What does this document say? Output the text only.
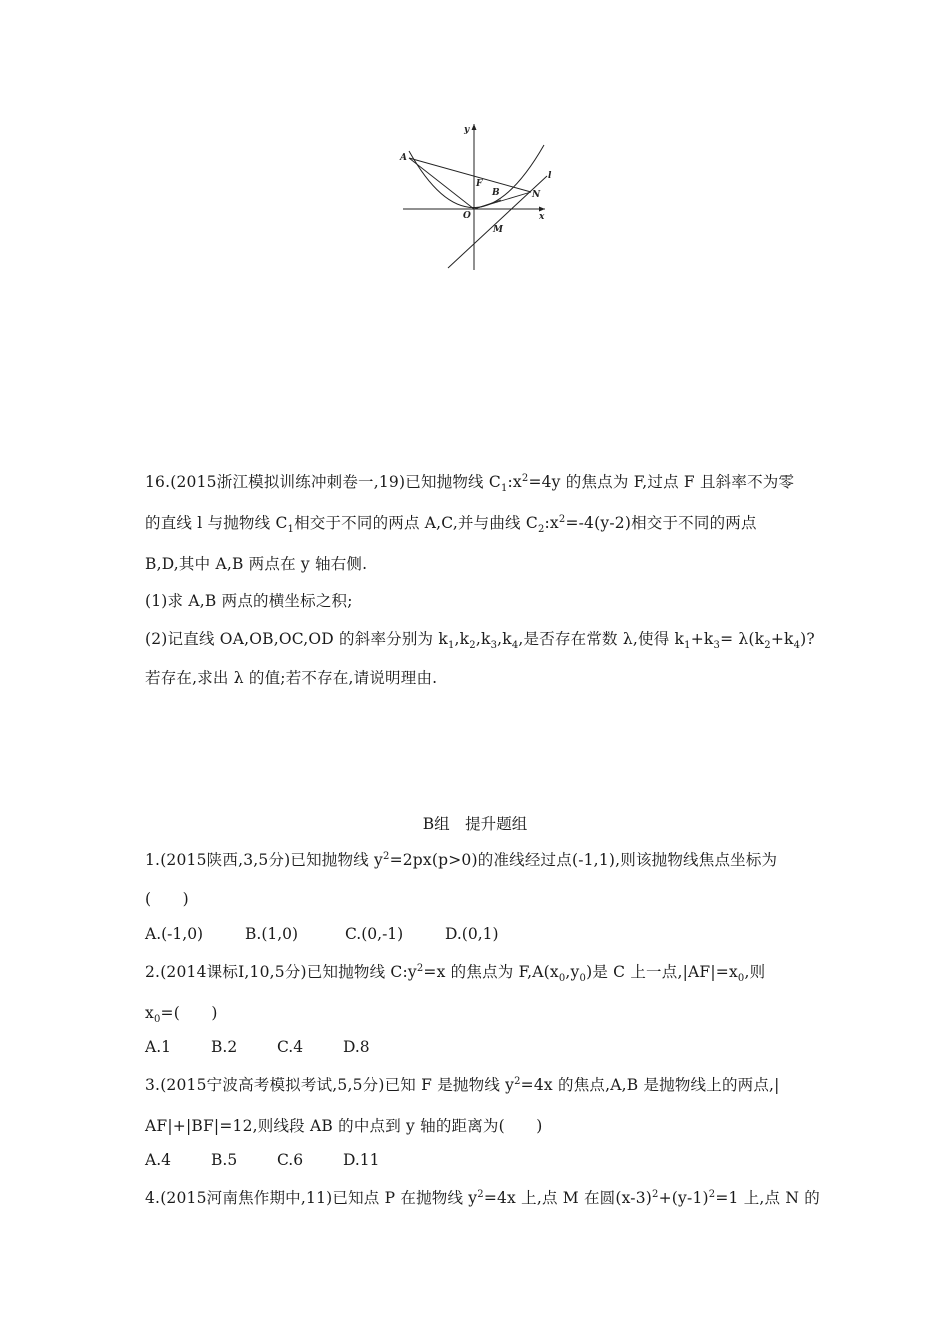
y
x
A
F
B	N
O
M
l
16.(2015浙江模拟训练冲刺卷一,19)已知抛物线 $C_1:x^2=4y$ 的焦点为 F,过点 F 且斜率不为零
的直线 l 与抛物线 $C_1$相交于不同的两点 A,C,并与曲线 $C_2:x^2=-4(y-2)$相交于不同的两点
B,D,其中 A,B 两点在 y 轴右侧.
(1)求 A,B 两点的横坐标之积;
(2)记直线 OA,OB,OC,OD 的斜率分别为 $k_1,k_2,k_3,k_4$,是否存在常数 λ,使得 $k_1+k_3= \lambda(k_2+k_4)$?
若存在,求出 λ 的值;若不存在,请说明理由.
B组　提升题组
1.(2015陕西,3,5分)已知抛物线 $y^2=2px(p>0)$的准线经过点(-1,1),则该抛物线焦点坐标为
(　　)
A.(-1,0)	B.(1,0)	C.(0,-1)	D.(0,1)
2.(2014课标Ⅰ,10,5分)已知抛物线 $C:y^2=x$ 的焦点为 $F,A(x_0,y_0)$是 C 上一点$,|AF|=x_0$,则
$x_0=$(　　)
A.1	B.2	C.4	D.8
3.(2015宁波高考模拟考试,5,5分)已知 F 是抛物线 $y^2=4x$ 的焦点,A,B 是抛物线上的两点,|
AF|+|BF|=12,则线段 AB 的中点到 y 轴的距离为(　　)
A.4	B.5	C.6	D.11
4.(2015河南焦作期中,11)已知点 P 在抛物线 $y^2=4x$ 上,点 M 在圆$(x-3)^2+(y-1)^2=1$ 上,点 N 的
